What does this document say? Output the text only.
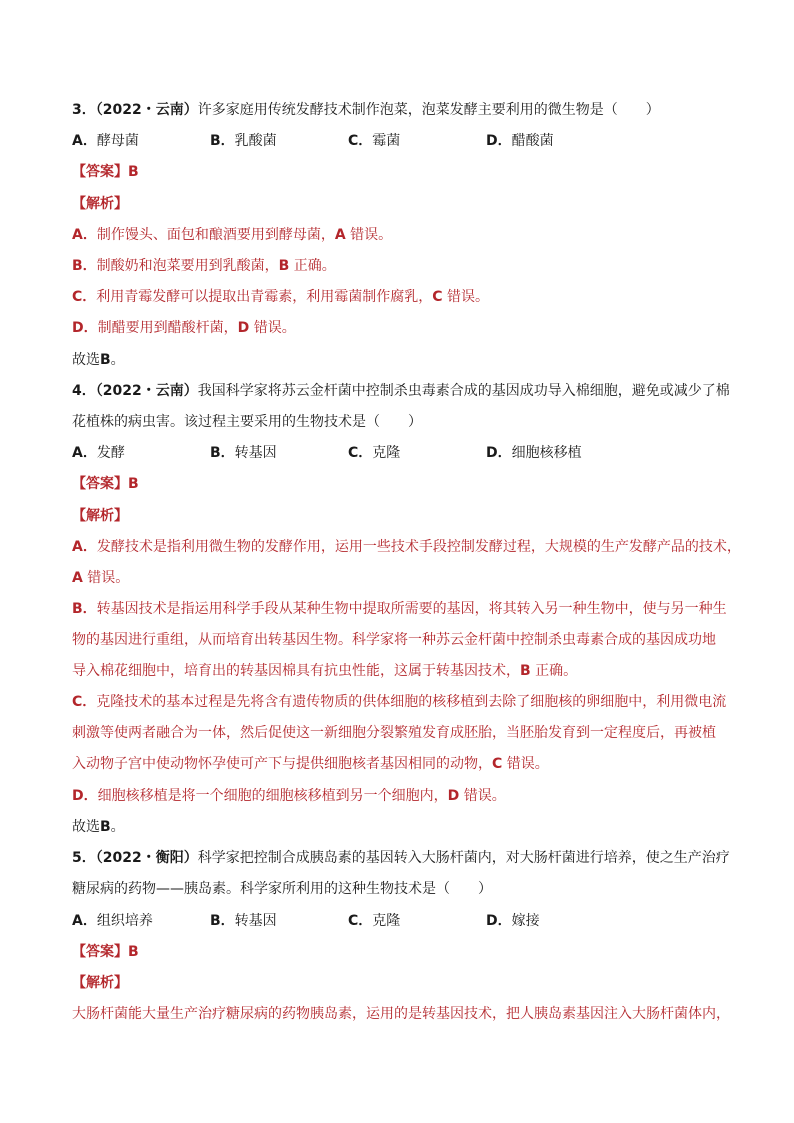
3．（2022・云南）许多家庭用传统发酵技术制作泡菜，泡菜发酵主要利用的微生物是（　　）
A．酵母菌	B．乳酸菌	C．霉菌	D．醋酸菌
【答案】B
【解析】
A．制作馒头、面包和酿酒要用到酵母菌，A 错误。
B．制酸奶和泡菜要用到乳酸菌，B 正确。
C．利用青霉发酵可以提取出青霉素，利用霉菌制作腐乳，C 错误。
D．制醋要用到醋酸杆菌，D 错误。
故选B。
4．（2022・云南）我国科学家将苏云金杆菌中控制杀虫毒素合成的基因成功导入棉细胞，避免或减少了棉
花植株的病虫害。该过程主要采用的生物技术是（　　）
A．发酵	B．转基因	C．克隆	D．细胞核移植
【答案】B
【解析】
A．发酵技术是指利用微生物的发酵作用，运用一些技术手段控制发酵过程，大规模的生产发酵产品的技术，
A 错误。
B．转基因技术是指运用科学手段从某种生物中提取所需要的基因，将其转入另一种生物中，使与另一种生
物的基因进行重组，从而培育出转基因生物。科学家将一种苏云金杆菌中控制杀虫毒素合成的基因成功地
导入棉花细胞中，培育出的转基因棉具有抗虫性能，这属于转基因技术，B 正确。
C．克隆技术的基本过程是先将含有遗传物质的供体细胞的核移植到去除了细胞核的卵细胞中，利用微电流
刺激等使两者融合为一体，然后促使这一新细胞分裂繁殖发育成胚胎，当胚胎发育到一定程度后，再被植
入动物子宫中使动物怀孕使可产下与提供细胞核者基因相同的动物，C 错误。
D．细胞核移植是将一个细胞的细胞核移植到另一个细胞内，D 错误。
故选B。
5．（2022・衡阳）科学家把控制合成胰岛素的基因转入大肠杆菌内，对大肠杆菌进行培养，使之生产治疗
糖尿病的药物——胰岛素。科学家所利用的这种生物技术是（　　）
A．组织培养	B．转基因	C．克隆	D．嫁接
【答案】B
【解析】
大肠杆菌能大量生产治疗糖尿病的药物胰岛素，运用的是转基因技术，把人胰岛素基因注入大肠杆菌体内，
